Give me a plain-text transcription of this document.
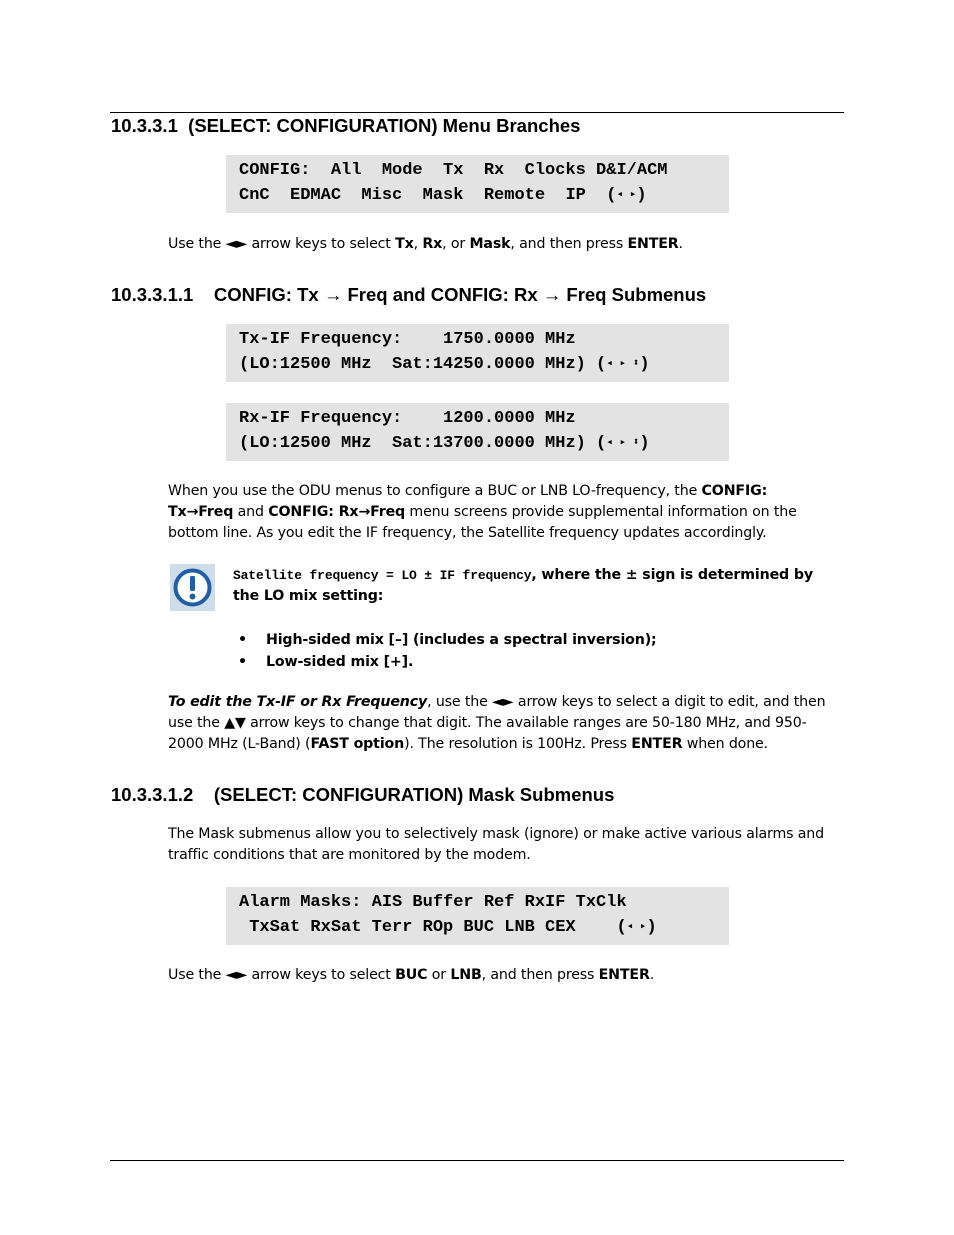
10.3.3.1 (SELECT: CONFIGURATION) Menu Branches
CONFIG:  All  Mode  Tx  Rx  Clocks D&I/ACM
CnC  EDMAC  Misc  Mask  Remote  IP  (◂ ▸)
Use the ◄► arrow keys to select Tx, Rx, or Mask, and then press ENTER.
10.3.3.1.1 CONFIG: Tx → Freq and CONFIG: Rx → Freq Submenus
Tx-IF Frequency:    1750.0000 MHz
(LO:12500 MHz  Sat:14250.0000 MHz) (◂ ▸ ⬍)
Rx-IF Frequency:    1200.0000 MHz
(LO:12500 MHz  Sat:13700.0000 MHz) (◂ ▸ ⬍)
When you use the ODU menus to configure a BUC or LNB LO-frequency, the CONFIG: Tx→Freq and CONFIG: Rx→Freq menu screens provide supplemental information on the bottom line. As you edit the IF frequency, the Satellite frequency updates accordingly.
Satellite frequency = LO ± IF frequency, where the ± sign is determined by the LO mix setting:
• High-sided mix [–] (includes a spectral inversion);
• Low-sided mix [+].
To edit the Tx-IF or Rx Frequency, use the ◄► arrow keys to select a digit to edit, and then use the ▲▼ arrow keys to change that digit. The available ranges are 50-180 MHz, and 950-2000 MHz (L-Band) (FAST option). The resolution is 100Hz. Press ENTER when done.
10.3.3.1.2 (SELECT: CONFIGURATION) Mask Submenus
The Mask submenus allow you to selectively mask (ignore) or make active various alarms and traffic conditions that are monitored by the modem.
Alarm Masks: AIS Buffer Ref RxIF TxClk
TxSat RxSat Terr ROp BUC LNB CEX    (◂ ▸)
Use the ◄► arrow keys to select BUC or LNB, and then press ENTER.
